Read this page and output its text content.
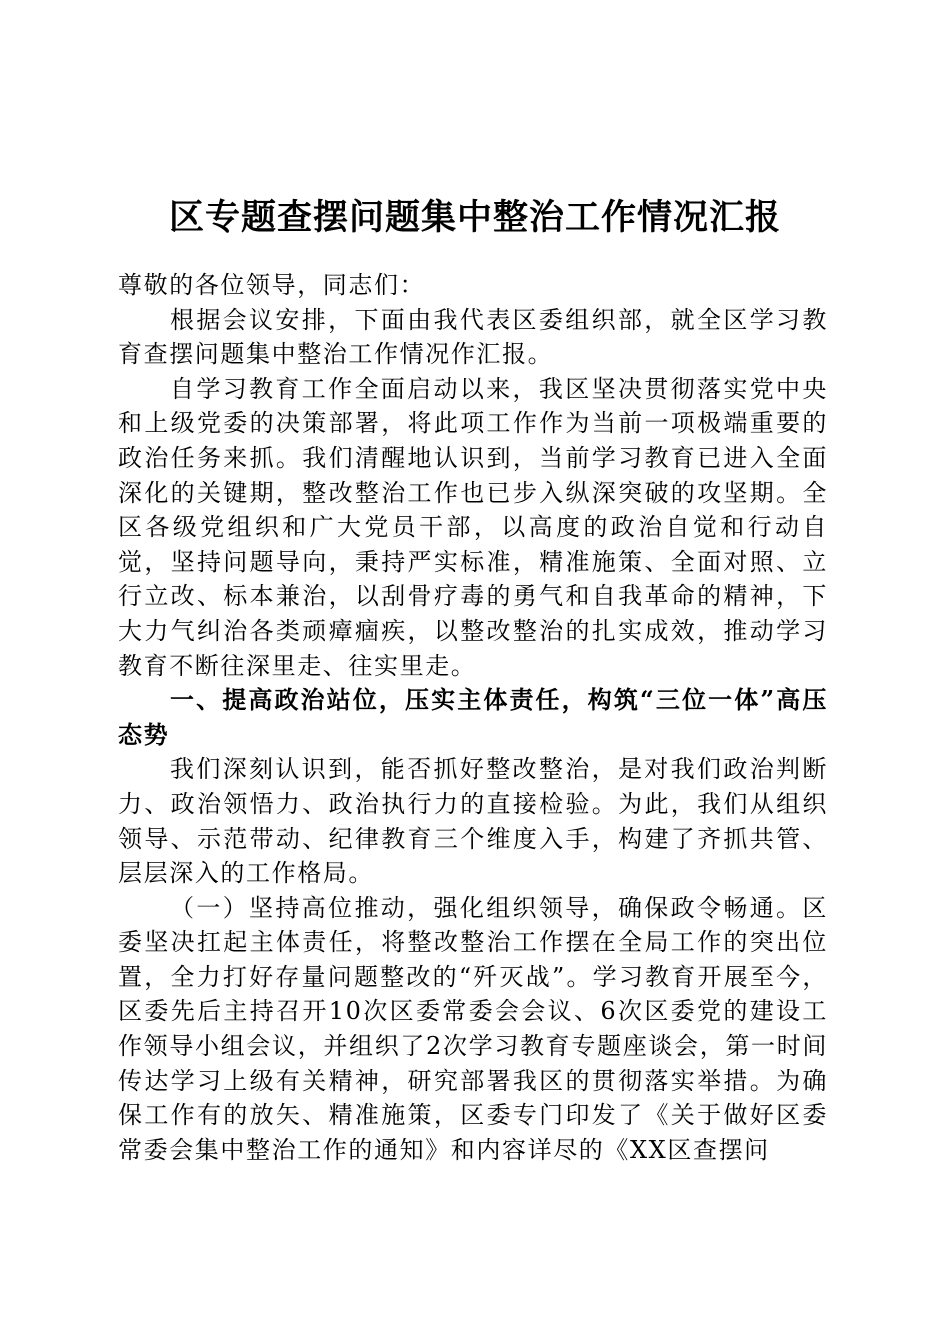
区专题查摆问题集中整治工作情况汇报

尊敬的各位领导，同志们：

根据会议安排，下面由我代表区委组织部，就全区学习教育查摆问题集中整治工作情况作汇报。

自学习教育工作全面启动以来，我区坚决贯彻落实党中央和上级党委的决策部署，将此项工作作为当前一项极端重要的政治任务来抓。我们清醒地认识到，当前学习教育已进入全面深化的关键期，整改整治工作也已步入纵深突破的攻坚期。全区各级党组织和广大党员干部，以高度的政治自觉和行动自觉，坚持问题导向，秉持严实标准，精准施策、全面对照、立行立改、标本兼治，以刮骨疗毒的勇气和自我革命的精神，下大力气纠治各类顽瘴痼疾，以整改整治的扎实成效，推动学习教育不断往深里走、往实里走。

一、提高政治站位，压实主体责任，构筑“三位一体”高压态势

我们深刻认识到，能否抓好整改整治，是对我们政治判断力、政治领悟力、政治执行力的直接检验。为此，我们从组织领导、示范带动、纪律教育三个维度入手，构建了齐抓共管、层层深入的工作格局。

（一）坚持高位推动，强化组织领导，确保政令畅通。区委坚决扛起主体责任，将整改整治工作摆在全局工作的突出位置，全力打好存量问题整改的“歼灭战”。学习教育开展至今，区委先后主持召开10次区委常委会会议、6次区委党的建设工作领导小组会议，并组织了2次学习教育专题座谈会，第一时间传达学习上级有关精神，研究部署我区的贯彻落实举措。为确保工作有的放矢、精准施策，区委专门印发了《关于做好区委常委会集中整治工作的通知》和内容详尽的《XX区查摆问
